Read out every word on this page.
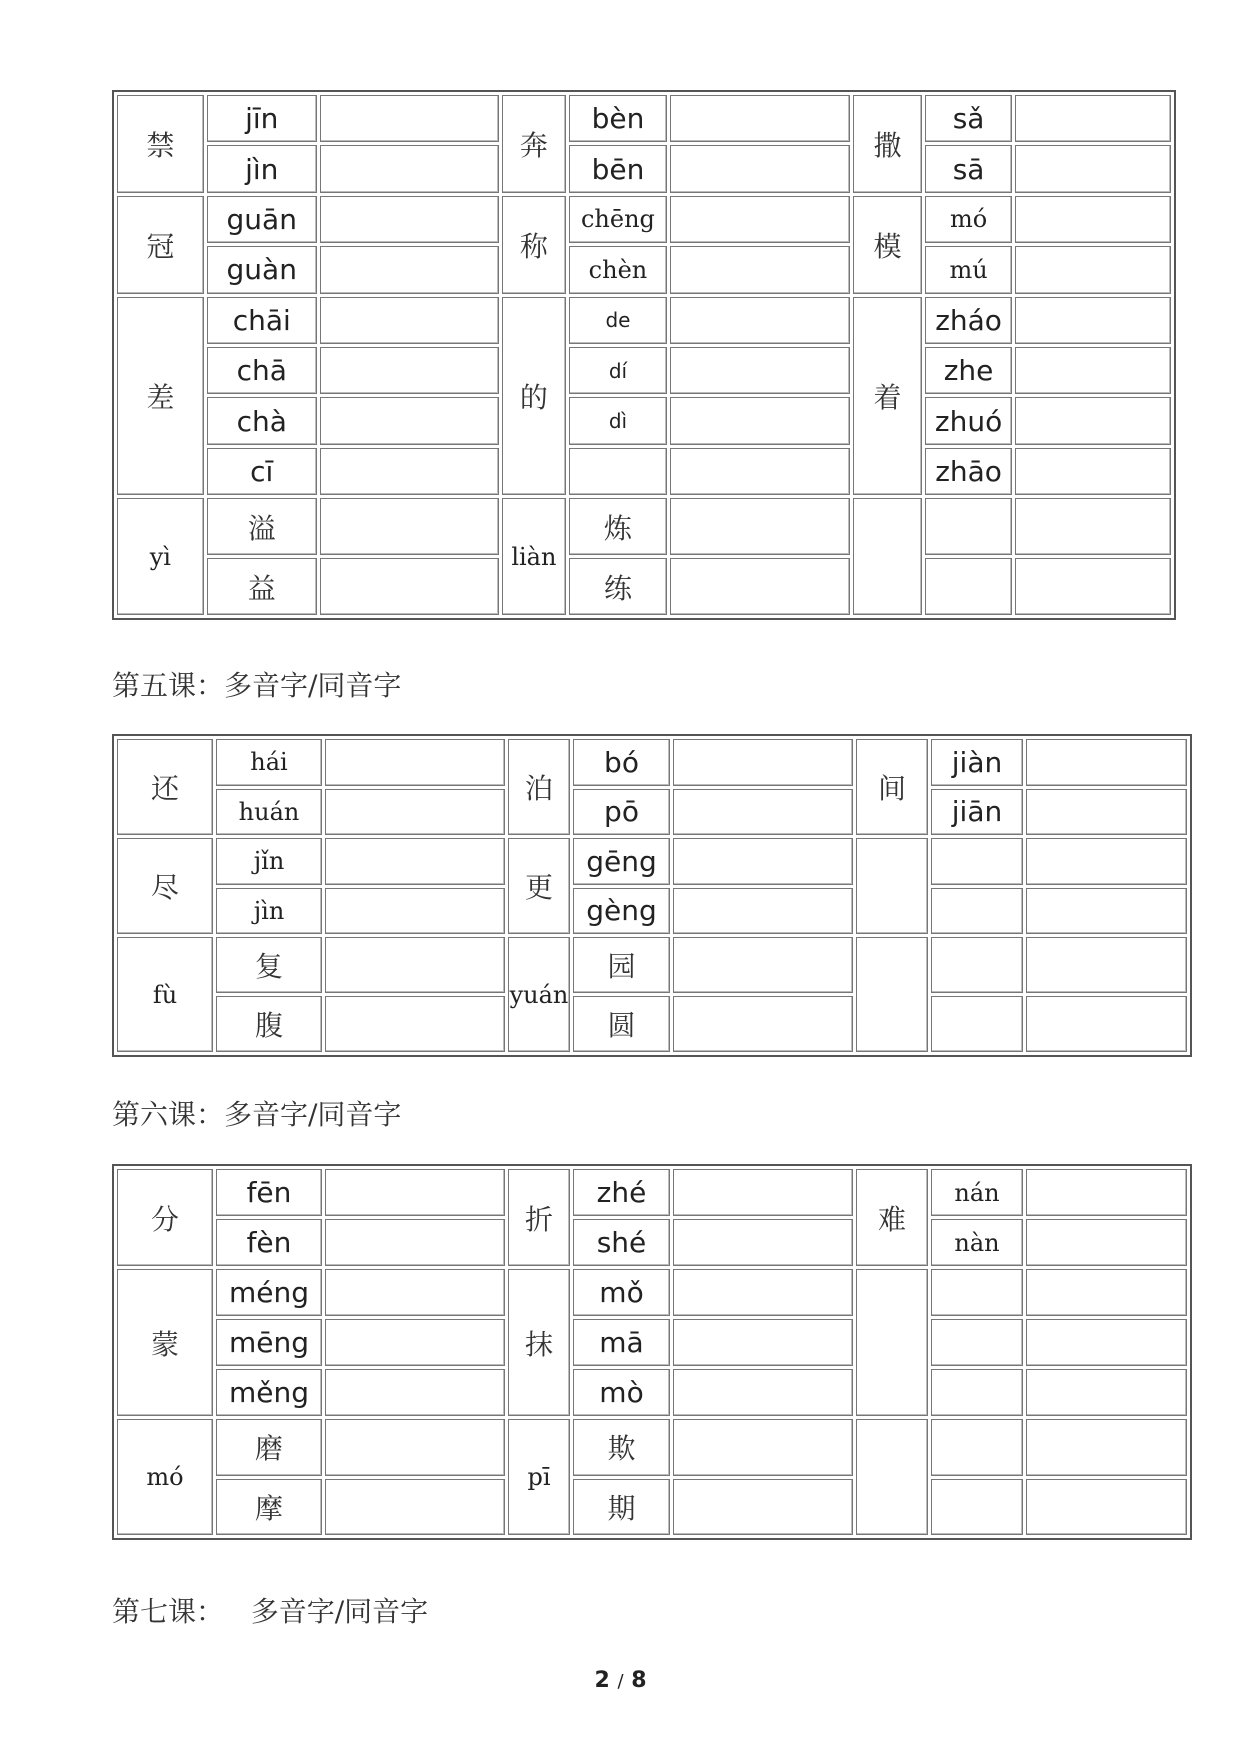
禁	jīn		奔	bèn		撒	sǎ	
	jìn			bēn			sā	
冠	guān		称	chēng		模	mó	
	guàn			chèn			mú	
差	chāi		的	de		着	zháo	
	chā			dí			zhe	
	chà			dì			zhuó	
	cī						zhāo	
yì	溢		liàn	炼				
	益			练				
第五课：多音字/同音字
还	hái		泊	bó		间	jiàn	
	huán			pō			jiān	
尽	jǐn		更	gēng				
	jìn			gèng				
fù	复		yuán	园				
	腹			圆				
第六课：多音字/同音字
分	fēn		折	zhé		难	nán	
	fèn			shé			nàn	
蒙	méng		抹	mǒ				
	mēng			mā				
	měng			mò				
mó	磨		pī	欺				
	摩			期				
第七课：   多音字/同音字
2 / 8
